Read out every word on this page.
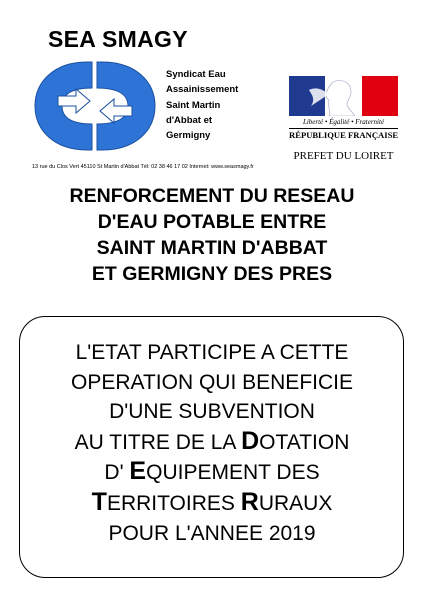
SEA SMAGY
Syndicat Eau
Assainissement
Saint Martin
d'Abbat et
Germigny
13 rue du Clos Vert 45110 St Martin d'Abbat Tél: 02 38 46 17 02 Internet: www.seasmagy.fr
Liberté • Égalité • Fraternité
RÉPUBLIQUE FRANÇAISE
PREFET DU LOIRET
RENFORCEMENT DU RESEAU
D'EAU POTABLE ENTRE
SAINT MARTIN D'ABBAT
ET GERMIGNY DES PRES
L'ETAT PARTICIPE A CETTE
OPERATION QUI BENEFICIE
D'UNE SUBVENTION
AU TITRE DE LA DOTATION
D' EQUIPEMENT DES
TERRITOIRES RURAUX
POUR L'ANNEE 2019
